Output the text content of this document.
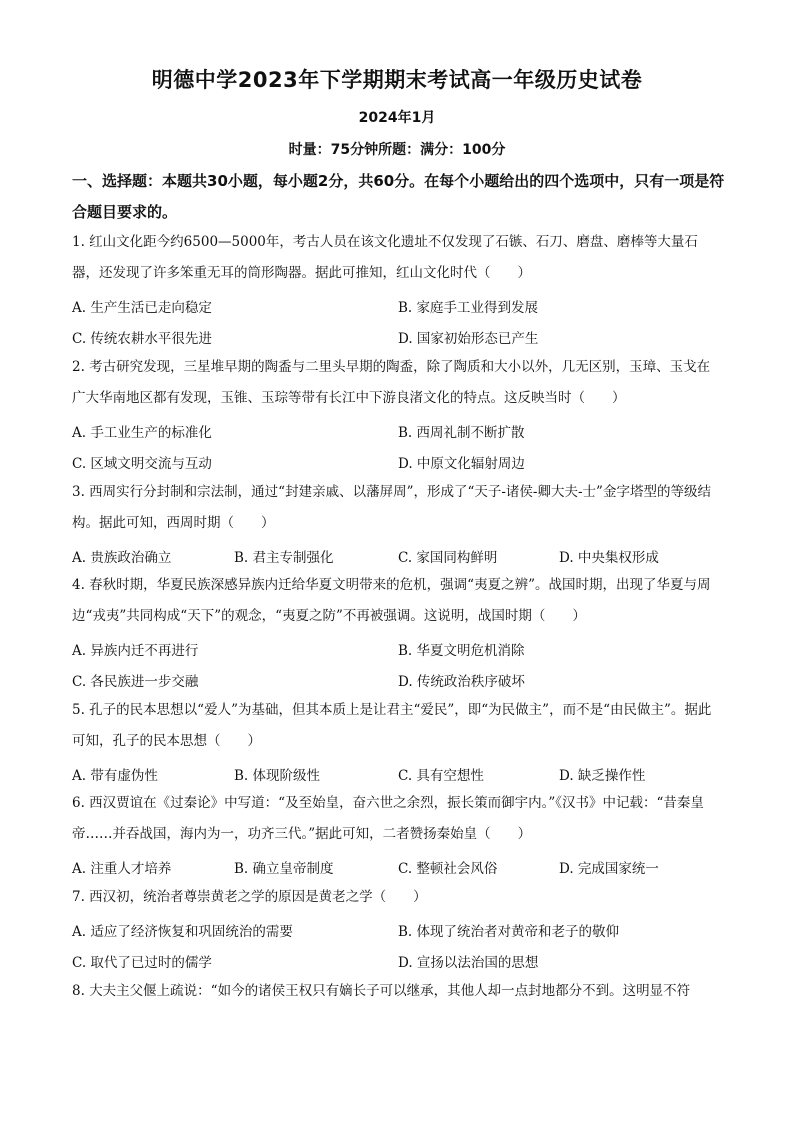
明德中学2023年下学期期末考试高一年级历史试卷
2024年1月
时量：75分钟所题：满分：100分
一、选择题：本题共30小题，每小题2分，共60分。在每个小题给出的四个选项中，只有一项是符合题目要求的。
1. 红山文化距今约6500—5000年，考古人员在该文化遗址不仅发现了石镞、石刀、磨盘、磨棒等大量石器，还发现了许多笨重无耳的筒形陶器。据此可推知，红山文化时代（　　）
A. 生产生活已走向稳定	B. 家庭手工业得到发展
C. 传统农耕水平很先进	D. 国家初始形态已产生
2. 考古研究发现，三星堆早期的陶盉与二里头早期的陶盉，除了陶质和大小以外，几无区别，玉璋、玉戈在广大华南地区都有发现，玉锥、玉琮等带有长江中下游良渚文化的特点。这反映当时（　　）
A. 手工业生产的标准化	B. 西周礼制不断扩散
C. 区域文明交流与互动	D. 中原文化辐射周边
3. 西周实行分封制和宗法制，通过“封建亲戚、以藩屏周”，形成了“天子-诸侯-卿大夫-士”金字塔型的等级结构。据此可知，西周时期（　　）
A. 贵族政治确立	B. 君主专制强化	C. 家国同构鲜明	D. 中央集权形成
4. 春秋时期，华夏民族深感异族内迁给华夏文明带来的危机，强调“夷夏之辨”。战国时期，出现了华夏与周边“戎夷”共同构成“天下”的观念，“夷夏之防”不再被强调。这说明，战国时期（　　）
A. 异族内迁不再进行	B. 华夏文明危机消除
C. 各民族进一步交融	D. 传统政治秩序破坏
5. 孔子的民本思想以“爱人”为基础，但其本质上是让君主“爱民”，即“为民做主”，而不是“由民做主”。据此可知，孔子的民本思想（　　）
A. 带有虚伪性	B. 体现阶级性	C. 具有空想性	D. 缺乏操作性
6. 西汉贾谊在《过秦论》中写道：“及至始皇，奋六世之余烈，振长策而御宇内。”《汉书》中记载：“昔秦皇帝……并吞战国，海内为一，功齐三代。”据此可知，二者赞扬秦始皇（　　）
A. 注重人才培养	B. 确立皇帝制度	C. 整顿社会风俗	D. 完成国家统一
7. 西汉初，统治者尊崇黄老之学的原因是黄老之学（　　）
A. 适应了经济恢复和巩固统治的需要	B. 体现了统治者对黄帝和老子的敬仰
C. 取代了已过时的儒学	D. 宣扬以法治国的思想
8. 大夫主父偃上疏说：“如今的诸侯王权只有嫡长子可以继承，其他人却一点封地都分不到。这明显不符
